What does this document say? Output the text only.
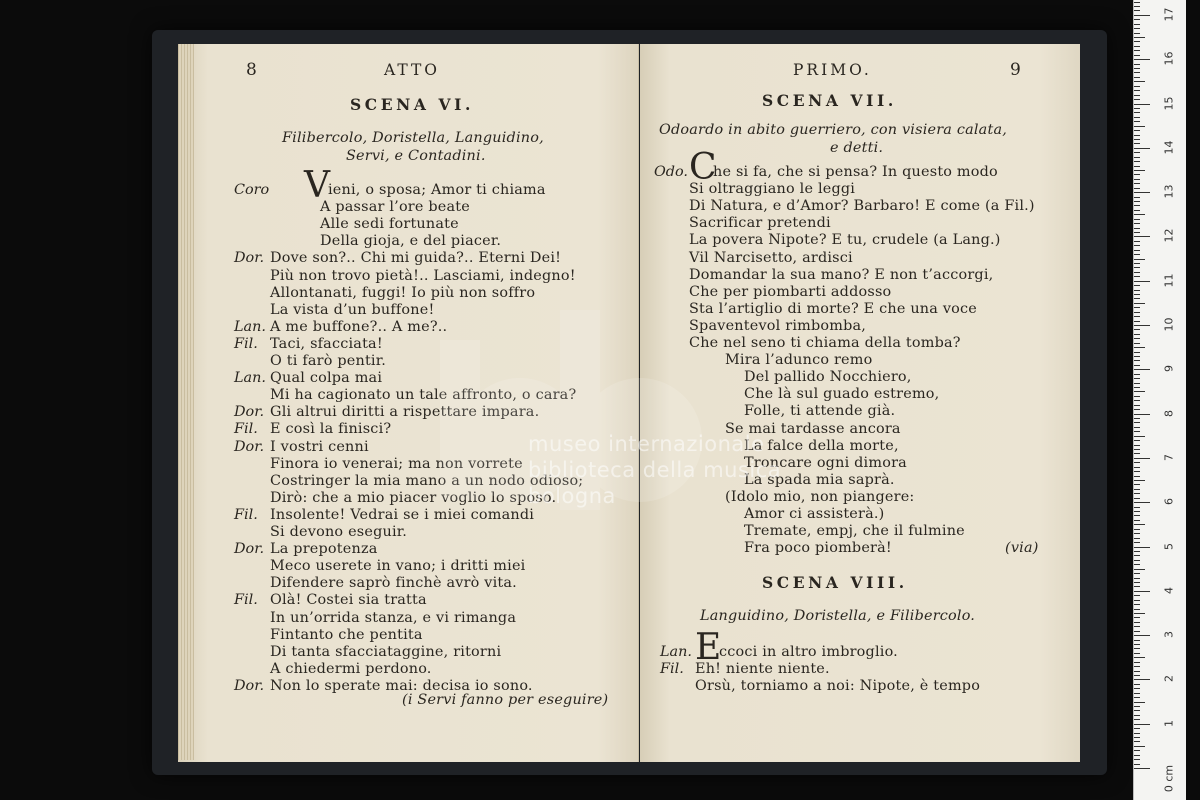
8	ATTO
SCENA VI.
Filibercolo, Doristella, Languidino,
Servi, e Contadini.
Coro V
ieni, o sposa; Amor ti chiama
A passar l’ore beate
Alle sedi fortunate
Della gioja, e del piacer.
Dor. Dove son?.. Chi mi guida?.. Eterni Dei!
Più non trovo pietà!.. Lasciami, indegno!
Allontanati, fuggi! Io più non soffro
La vista d’un buffone!
Lan. A me buffone?.. A me?..
Fil. Taci, sfacciata!
O ti farò pentir.
Lan. Qual colpa mai
Mi ha cagionato un tale affronto, o cara?
Dor. Gli altrui diritti a rispettare impara.
Fil. E così la finisci?
Dor. I vostri cenni
Finora io venerai; ma non vorrete
Costringer la mia mano a un nodo odioso;
Dirò: che a mio piacer voglio lo sposo.
Fil. Insolente! Vedrai se i miei comandi
Si devono eseguir.
Dor. La prepotenza
Meco userete in vano; i dritti miei
Difendere saprò finchè avrò vita.
Fil. Olà! Costei sia tratta
In un’orrida stanza, e vi rimanga
Fintanto che pentita
Di tanta sfacciataggine, ritorni
A chiedermi perdono.
Dor. Non lo sperate mai: decisa io sono.
(i Servi fanno per eseguire)
PRIMO.	9
SCENA VII.
Odoardo in abito guerriero, con visiera calata,
e detti.
Odo. C
he si fa, che si pensa? In questo modo
Si oltraggiano le leggi
Di Natura, e d’Amor? Barbaro! E come (a Fil.)
Sacrificar pretendi
La povera Nipote? E tu, crudele (a Lang.)
Vil Narcisetto, ardisci
Domandar la sua mano? E non t’accorgi,
Che per piombarti addosso
Sta l’artiglio di morte? E che una voce
Spaventevol rimbomba,
Che nel seno ti chiama della tomba?
Mira l’adunco remo
Del pallido Nocchiero,
Che là sul guado estremo,
Folle, ti attende già.
Se mai tardasse ancora
La falce della morte,
Troncare ogni dimora
La spada mia saprà.
(Idolo mio, non piangere:
Amor ci assisterà.)
Tremate, empj, che il fulmine
Fra poco piomberà!	(via)
SCENA VIII.
Languidino, Doristella, e Filibercolo.
Lan. E
ccoci in altro imbroglio.
Fil. Eh! niente niente.
Orsù, torniamo a noi: Nipote, è tempo
museo internazionale
biblioteca della musica
bologna
0 cm
1
2
3
4
5
6
7
8
9
10
11
12
13
14
15
16
17
